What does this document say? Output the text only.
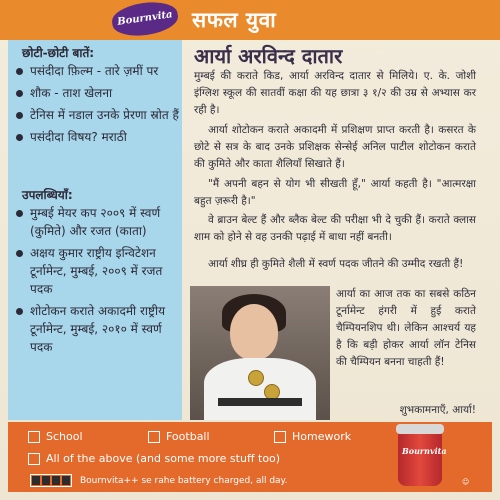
Bournvita सफल युवा
छोटी-छोटी बातें:
पसंदीदा फ़िल्म - तारे ज़मीं पर
शौक - ताश खेलना
टेनिस में नडाल उनके प्रेरणा स्रोत हैं
पसंदीदा विषय? मराठी
उपलब्धियाँ:
मुम्बई मेयर कप २००९ में स्वर्ण (कुमिते) और रजत (काता)
अक्षय कुमार राष्ट्रीय इन्विटेशन टूर्नामेन्ट, मुम्बई, २००९ में रजत पदक
शोटोकन कराते अकादमी राष्ट्रीय टूर्नामेन्ट, मुम्बई, २०१० में स्वर्ण पदक
आर्या अरविन्द दातार

मुम्बई की कराते किड, आर्या अरविन्द दातार से मिलिये। ए. के. जोशी इंग्लिश स्कूल की सातवीं कक्षा की यह छात्रा ३ १/२ की उम्र से अभ्यास कर रही है।

आर्या शोटोकन कराते अकादमी में प्रशिक्षण प्राप्त करती है। कसरत के छोटे से सत्र के बाद उनके प्रशिक्षक सेन्सेई अनिल पाटील शोटोकन कराते की कुमिते और काता शैलियाँ सिखाते हैं।

"मैं अपनी बहन से योग भी सीखती हूँ," आर्या कहती है। "आत्मरक्षा बहुत ज़रूरी है।"

वे ब्राउन बेल्ट हैं और ब्लैक बेल्ट की परीक्षा भी दे चुकी हैं। कराते क्लास शाम को होने से वह उनकी पढ़ाई में बाधा नहीं बनती।

आर्या शीघ्र ही कुमिते शैली में स्वर्ण पदक जीतने की उम्मीद रखती हैं!

आर्या का आज तक का सबसे कठिन टूर्नामेन्ट हंगरी में हुई कराते चैम्पियनशिप थी। लेकिन आश्चर्य यह है कि बड़ी होकर आर्या लॉन टेनिस की चैम्पियन बनना चाहती हैं!

शुभकामनाएँ, आर्या!

School	Football	Homework
All of the above (and some more stuff too)
Bournvita++ se rahe battery charged, all day.
Bournvita
☺
